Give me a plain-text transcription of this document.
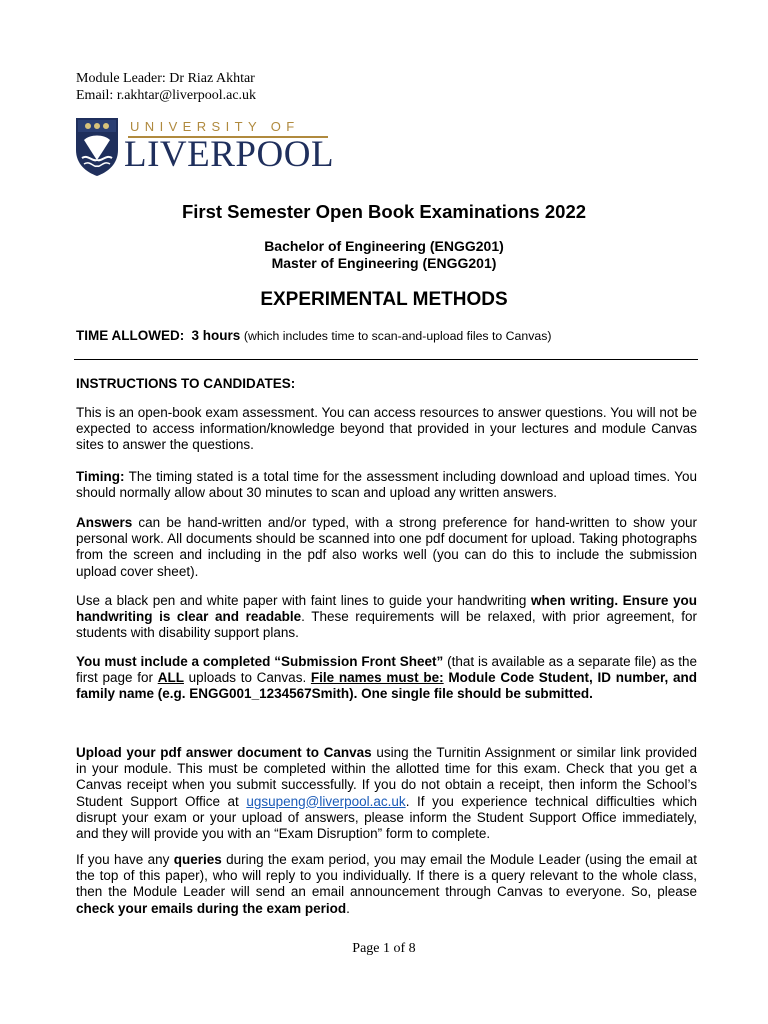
Module Leader: Dr Riaz Akhtar
Email: r.akhtar@liverpool.ac.uk
UNIVERSITY OF
LIVERPOOL
First Semester Open Book Examinations 2022
Bachelor of Engineering (ENGG201)
Master of Engineering (ENGG201)
EXPERIMENTAL METHODS
TIME ALLOWED: 3 hours (which includes time to scan-and-upload files to Canvas)
INSTRUCTIONS TO CANDIDATES:

This is an open-book exam assessment. You can access resources to answer questions. You will not be expected to access information/knowledge beyond that provided in your lectures and module Canvas sites to answer the questions.

Timing: The timing stated is a total time for the assessment including download and upload times. You should normally allow about 30 minutes to scan and upload any written answers.

Answers can be hand-written and/or typed, with a strong preference for hand-written to show your personal work. All documents should be scanned into one pdf document for upload. Taking photographs from the screen and including in the pdf also works well (you can do this to include the submission upload cover sheet).

Use a black pen and white paper with faint lines to guide your handwriting when writing. Ensure you handwriting is clear and readable. These requirements will be relaxed, with prior agreement, for students with disability support plans.

You must include a completed “Submission Front Sheet” (that is available as a separate file) as the first page for ALL uploads to Canvas. File names must be: Module Code Student, ID number, and family name (e.g. ENGG001_1234567Smith). One single file should be submitted.

Upload your pdf answer document to Canvas using the Turnitin Assignment or similar link provided in your module. This must be completed within the allotted time for this exam. Check that you get a Canvas receipt when you submit successfully. If you do not obtain a receipt, then inform the School’s Student Support Office at ugsupeng@liverpool.ac.uk. If you experience technical difficulties which disrupt your exam or your upload of answers, please inform the Student Support Office immediately, and they will provide you with an “Exam Disruption” form to complete.

If you have any queries during the exam period, you may email the Module Leader (using the email at the top of this paper), who will reply to you individually. If there is a query relevant to the whole class, then the Module Leader will send an email announcement through Canvas to everyone. So, please check your emails during the exam period.

Page 1 of 8
